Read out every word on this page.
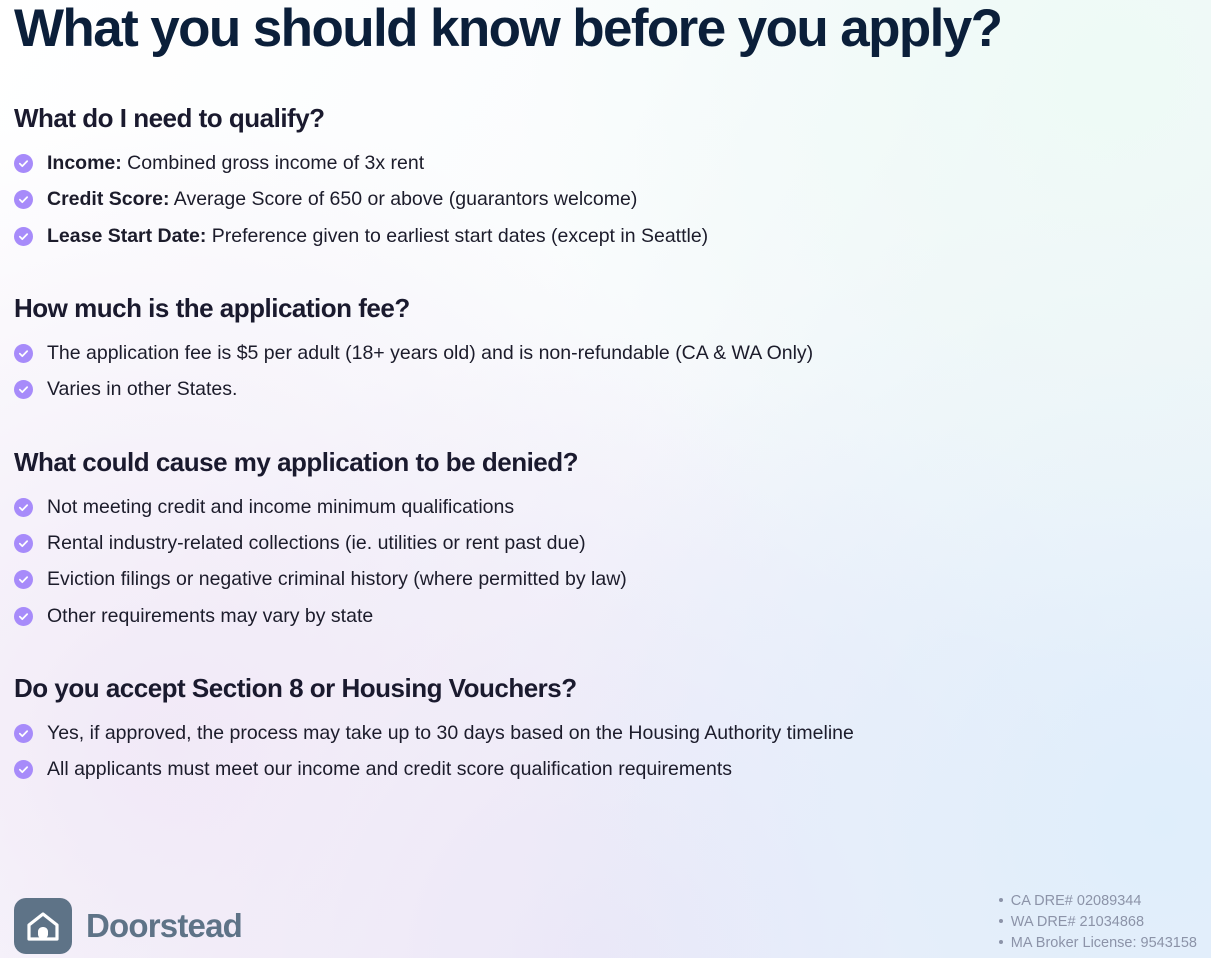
What you should know before you apply?
What do I need to qualify?
Income: Combined gross income of 3x rent
Credit Score: Average Score of 650 or above (guarantors welcome)
Lease Start Date: Preference given to earliest start dates (except in Seattle)
How much is the application fee?
The application fee is $5 per adult (18+ years old) and is non-refundable (CA & WA Only)
Varies in other States.
What could cause my application to be denied?
Not meeting credit and income minimum qualifications
Rental industry-related collections (ie. utilities or rent past due)
Eviction filings or negative criminal history (where permitted by law)
Other requirements may vary by state
Do you accept Section 8 or Housing Vouchers?
Yes, if approved, the process may take up to 30 days based on the Housing Authority timeline
All applicants must meet our income and credit score qualification requirements
Doorstead
CA DRE# 02089344
WA DRE# 21034868
MA Broker License: 9543158
